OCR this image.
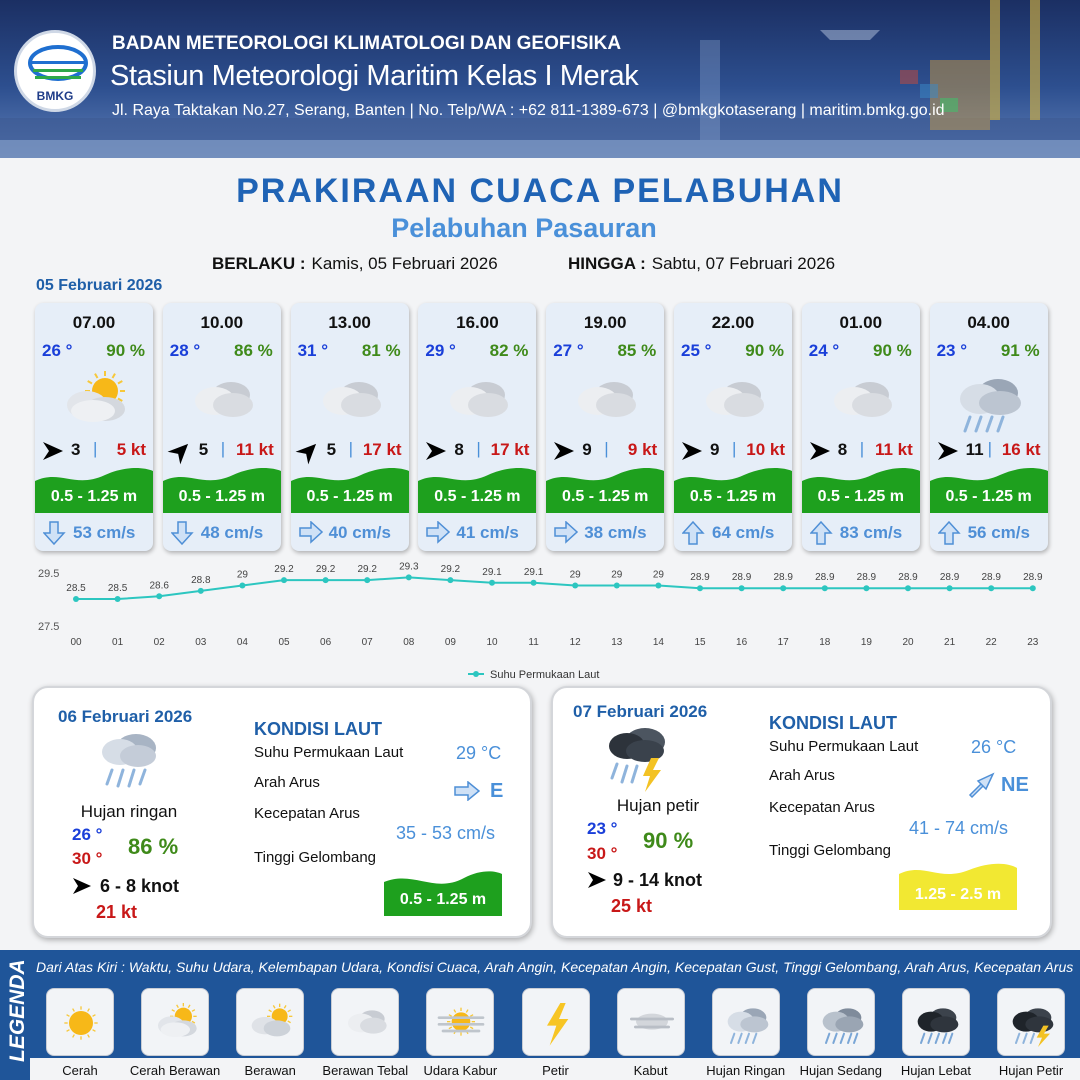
BMKG
BADAN METEOROLOGI KLIMATOLOGI DAN GEOFISIKA
Stasiun Meteorologi Maritim Kelas I Merak
Jl. Raya Taktakan No.27, Serang, Banten | No. Telp/WA : +62 811-1389-673 | @bmkgkotaserang | maritim.bmkg.go.id
PRAKIRAAN CUACA PELABUHAN
Pelabuhan Pasauran
BERLAKU : Kamis, 05 Februari 2026	HINGGA : Sabtu, 07 Februari 2026
05 Februari 2026
07.00
26 ° 90 %
3 | 5 kt
0.5 - 1.25 m
53 cm/s
10.00
28 ° 86 %
5 | 11 kt
0.5 - 1.25 m
48 cm/s
13.00
31 ° 81 %
5 | 17 kt
0.5 - 1.25 m
40 cm/s
16.00
29 ° 82 %
8 | 17 kt
0.5 - 1.25 m
41 cm/s
19.00
27 ° 85 %
9 | 9 kt
0.5 - 1.25 m
38 cm/s
22.00
25 ° 90 %
9 | 10 kt
0.5 - 1.25 m
64 cm/s
01.00
24 ° 90 %
8 | 11 kt
0.5 - 1.25 m
83 cm/s
04.00
23 ° 91 %
11 | 16 kt
0.5 - 1.25 m
56 cm/s
29.5
27.5
28.5
00
28.5
01
28.6
02
28.8
03
29
04
29.2
05
29.2
06
29.2
07
29.3
08
29.2
09
29.1
10
29.1
11
29
12
29
13
29
14
28.9
15
28.9
16
28.9
17
28.9
18
28.9
19
28.9
20
28.9
21
28.9
22
28.9
23
Suhu Permukaan Laut
06 Februari 2026
Hujan ringan
26 °
30 ° 86 %
6 - 8 knot
21 kt
KONDISI LAUT
Suhu Permukaan Laut	29 °C
Arah Arus	E
Kecepatan Arus
35 - 53 cm/s
Tinggi Gelombang
0.5 - 1.25 m
07 Februari 2026
Hujan petir
23 °
30 °
90 %
9 - 14 knot
25 kt
KONDISI LAUT
Suhu Permukaan Laut	26 °C
Arah Arus	NE
Kecepatan Arus
41 - 74 cm/s
Tinggi Gelombang
1.25 - 2.5 m
LEGENDA Dari Atas Kiri : Waktu, Suhu Udara, Kelembapan Udara, Kondisi Cuaca, Arah Angin, Kecepatan Angin, Kecepatan Gust, Tinggi Gelombang, Arah Arus, Kecepatan Arus
Cerah	Cerah Berawan	Berawan	Berawan Tebal	Udara Kabur	Petir	Kabut	Hujan Ringan	Hujan Sedang	Hujan Lebat	Hujan Petir
